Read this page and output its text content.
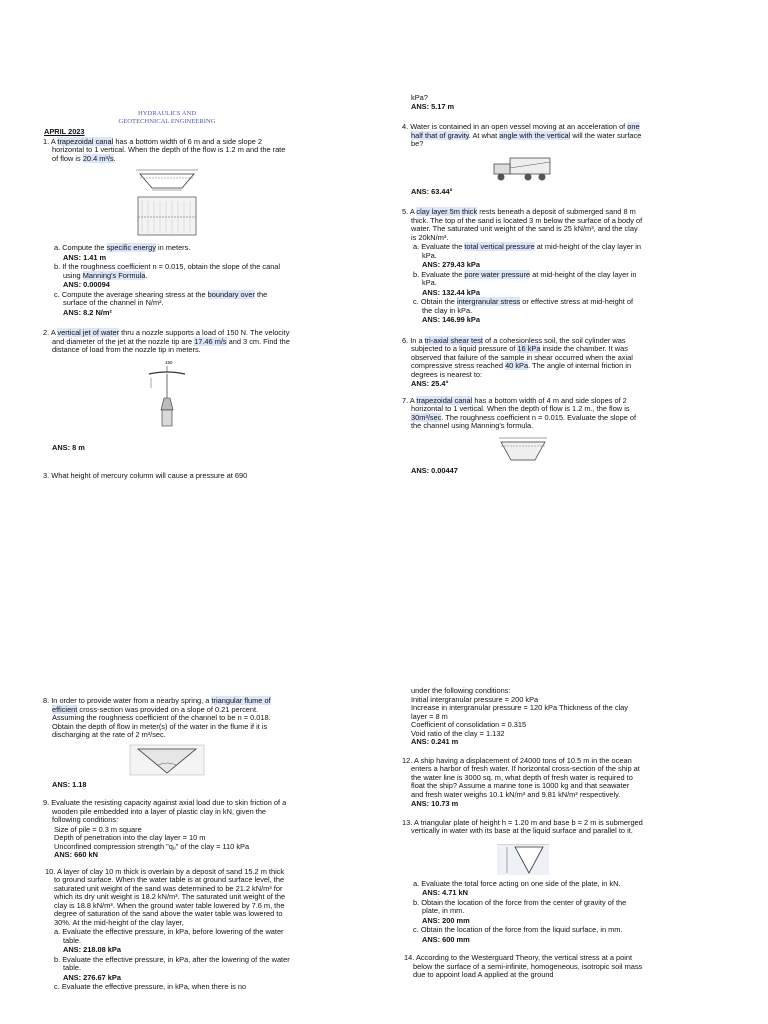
HYDRAULICS AND
GEOTECHNICAL ENGINEERING
APRIL 2023
1. A trapezoidal canal has a bottom width of 6 m and a side slope 2 horizontal to 1 vertical. When the depth of the flow is 1.2 m and the rate of flow is 20.4 m³/s.
a. Compute the specific energy in meters.
ANS: 1.41 m
b. If the roughness coefficient n = 0.015, obtain the slope of the canal using Manning's Formula.
ANS: 0.00094
c. Compute the average shearing stress at the boundary over the surface of the channel in N/m².
ANS: 8.2 N/m²
2. A vertical jet of water thru a nozzle supports a load of 150 N. The velocity and diameter of the jet at the nozzle tip are 17.46 m/s and 3 cm. Find the distance of load from the nozzle tip in meters.
150
ANS: 8 m
3. What height of mercury column will cause a pressure at 690
kPa?
ANS: 5.17 m
4. Water is contained in an open vessel moving at an acceleration of one half that of gravity. At what angle with the vertical will the water surface be?
ANS: 63.44°
5. A clay layer 5m thick rests beneath a deposit of submerged sand 8 m thick. The top of the sand is located 3 m below the surface of a body of water. The saturated unit weight of the sand is 25 kN/m³, and the clay is 20kN/m³.
a. Evaluate the total vertical pressure at mid-height of the clay layer in kPa.
ANS: 279.43 kPa
b. Evaluate the pore water pressure at mid-height of the clay layer in kPa.
ANS: 132.44 kPa
c. Obtain the intergranular stress or effective stress at mid-height of the clay in kPa.
ANS: 146.99 kPa
6. In a tri-axial shear test of a cohesionless soil, the soil cylinder was subjected to a liquid pressure of 16 kPa inside the chamber. It was observed that failure of the sample in shear occurred when the axial compressive stress reached 40 kPa. The angle of internal friction in degrees is nearest to:
ANS: 25.4°
7. A trapezoidal canal has a bottom width of 4 m and side slopes of 2 horizontal to 1 vertical. When the depth of flow is 1.2 m., the flow is 30m³/sec. The roughness coefficient n = 0.015. Evaluate the slope of the channel using Manning's formula.
ANS: 0.00447
8. In order to provide water from a nearby spring, a triangular flume of efficient cross-section was provided on a slope of 0.21 percent. Assuming the roughness coefficient of the channel to be n = 0.018. Obtain the depth of flow in meter(s) of the water in the flume if it is discharging at the rate of 2 m³/sec.
ANS: 1.18
9. Evaluate the resisting capacity against axial load due to skin friction of a wooden pile embedded into a layer of plastic clay in kN, given the following conditions:
Size of pile = 0.3 m square
Depth of penetration into the clay layer = 10 m
Unconfined compression strength "qᵤ" of the clay = 110 kPa
ANS: 660 kN
10. A layer of clay 10 m thick is overlain by a deposit of sand 15.2 m thick to ground surface. When the water table is at ground surface level, the saturated unit weight of the sand was determined to be 21.2 kN/m³ for which its dry unit weight is 18.2 kN/m³. The saturated unit weight of the clay is 18.8 kN/m³. When the ground water table lowered by 7.6 m, the degree of saturation of the sand above the water table was lowered to 30%. At the mid-height of the clay layer,
a. Evaluate the effective pressure, in kPa, before lowering of the water table.
ANS: 218.08 kPa
b. Evaluate the effective pressure, in kPa, after the lowering of the water table.
ANS: 276.67 kPa
c. Evaluate the effective pressure, in kPa, when there is no
under the following conditions:
Initial intergranular pressure = 200 kPa
Increase in intergranular pressure = 120 kPa Thickness of the clay layer = 8 m
Coefficient of consolidation = 0.315
Void ratio of the clay = 1.132
ANS: 0.241 m
12. A ship having a displacement of 24000 tons of 10.5 m in the ocean enters a harbor of fresh water. If horizontal cross-section of the ship at the water line is 3000 sq. m, what depth of fresh water is required to float the ship? Assume a marine tone is 1000 kg and that seawater and fresh water weighs 10.1 kN/m³ and 9.81 kN/m³ respectively.
ANS: 10.73 m
13. A triangular plate of height h = 1.20 m and base b = 2 m is submerged vertically in water with its base at the liquid surface and parallel to it.
a. Evaluate the total force acting on one side of the plate, in kN.
ANS: 4.71 kN
b. Obtain the location of the force from the center of gravity of the plate, in mm.
ANS: 200 mm
c. Obtain the location of the force from the liquid surface, in mm.
ANS: 600 mm
14. According to the Westerguard Theory, the vertical stress at a point below the surface of a semi-infinite, homogeneous, isotropic soil mass due to appoint load A applied at the ground
